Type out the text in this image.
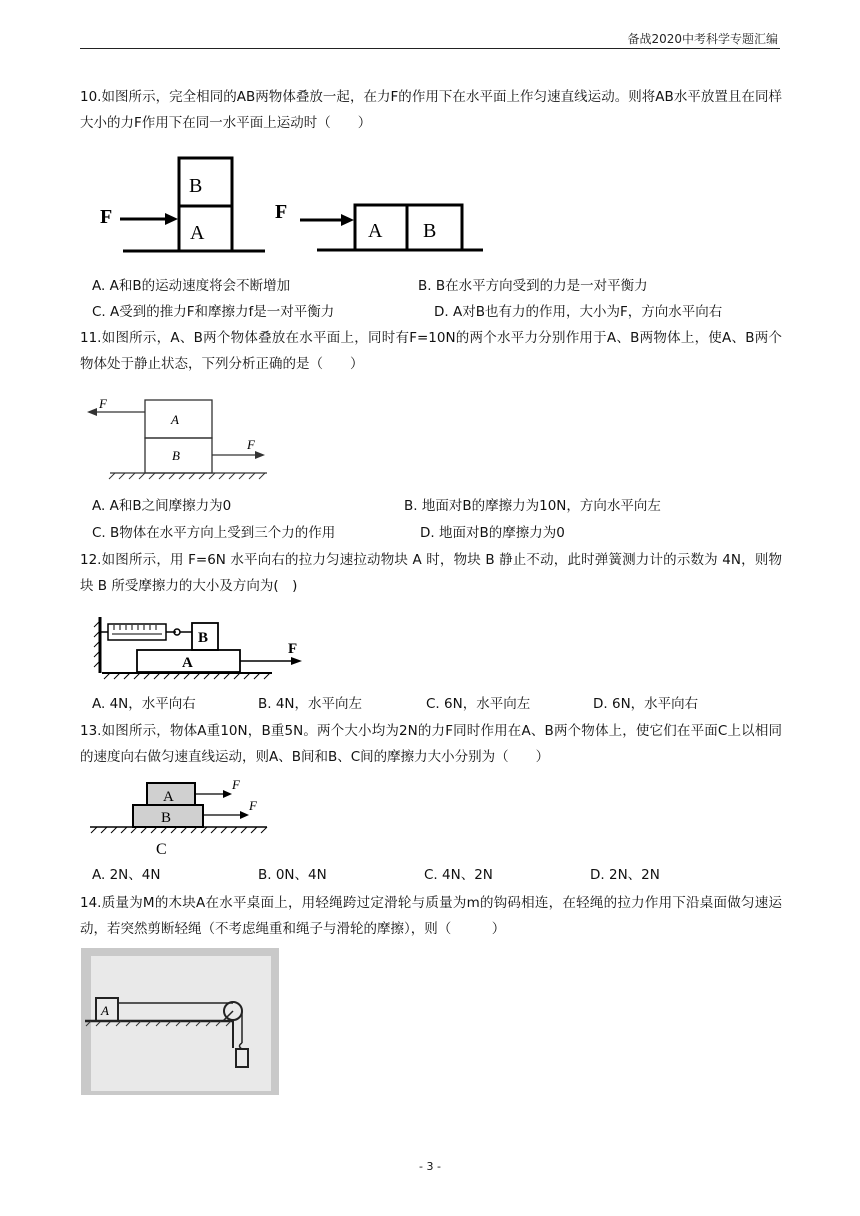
备战2020中考科学专题汇编
10.如图所示，完全相同的AB两物体叠放一起，在力F的作用下在水平面上作匀速直线运动。则将AB水平放置且在同样大小的力F作用下在同一水平面上运动时（　　）
F
B
A
F
A B
A. A和B的运动速度将会不断增加	B. B在水平方向受到的力是一对平衡力
C. A受到的推力F和摩擦力f是一对平衡力	D. A对B也有力的作用，大小为F，方向水平向右
11.如图所示，A、B两个物体叠放在水平面上，同时有F=10N的两个水平力分别作用于A、B两物体上，使A、B两个物体处于静止状态，下列分析正确的是（　　）
F
A
B
F
A. A和B之间摩擦力为0	B. 地面对B的摩擦力为10N，方向水平向左
C. B物体在水平方向上受到三个力的作用	D. 地面对B的摩擦力为0
12.如图所示，用 F=6N 水平向右的拉力匀速拉动物块 A 时，物块 B 静止不动，此时弹簧测力计的示数为 4N，则物块 B 所受摩擦力的大小及方向为(　)
B
A
F
A. 4N，水平向右	B. 4N，水平向左	C. 6N，水平向左	D. 6N，水平向右
13.如图所示，物体A重10N，B重5N。两个大小均为2N的力F同时作用在A、B两个物体上，使它们在平面C上以相同的速度向右做匀速直线运动，则A、B间和B、C间的摩擦力大小分别为（　　）
A
B
F
F
C
A. 2N、4N	B. 0N、4N	C. 4N、2N	D. 2N、2N
14.质量为M的木块A在水平桌面上，用轻绳跨过定滑轮与质量为m的钩码相连，在轻绳的拉力作用下沿桌面做匀速运动，若突然剪断轻绳（不考虑绳重和绳子与滑轮的摩擦），则（　　　）
A
- 3 -
